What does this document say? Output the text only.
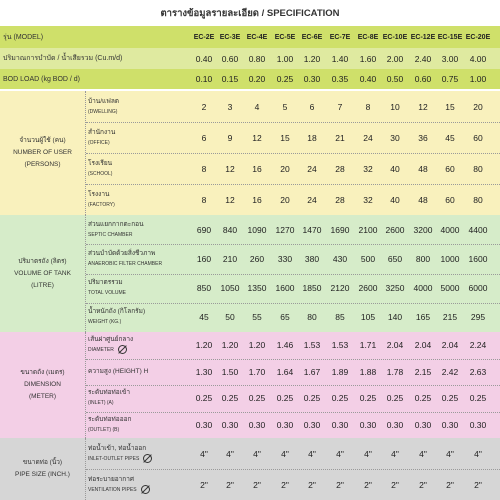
ตารางข้อมูลรายละเอียด / SPECIFICATION
รุ่น (MODEL)	EC-2E EC-3E EC-4E	EC-5E EC-6E	EC-7E	EC-8E EC-10E EC-12E EC-15E EC-20E
ปริมาณการบำบัด / น้ำเสียรวม (Cu.m/d)	0.40	0.60	0.80	1.00	1.20	1.40	1.60	2.00	2.40	3.00	4.00
BOD LOAD (kg BOD / d)	0.10	0.15	0.20	0.25	0.30	0.35	0.40	0.50	0.60	0.75	1.00
จำนวนผู้ใช้ (คน)
NUMBER OF USER
(PERSONS)
บ้าน/แฟลต
(DWELLING)	2	3	4	5	6	7	8	10	12	15	20
สำนักงาน
(OFFICE)	6	9	12	15	18	21	24	30	36	45	60
โรงเรียน
(SCHOOL)	8	12	16	20	24	28	32	40	48	60	80
โรงงาน
(FACTORY)	8	12	16	20	24	28	32	40	48	60	80
ปริมาตรถัง (ลิตร)
VOLUME OF TANK
(LITRE)
ส่วนแยกกากตะกอน
SEPTIC CHAMBER	690	840	1090	1270 1470	1690	2100 2600	3200 4000	4400
ส่วนบำบัดด้วยสิ่งชีวภาพ
ANAEROBIC FILTER CHAMBER	160	210	260	330	380	430	500	650	800	1000	1600
ปริมาตรรวม
TOTAL VOLUME	850	1050 1350	1600 1850	2120	2600 3250	4000 5000	6000
น้ำหนักถัง (กิโลกรัม)
WEIGHT (KG.)	45	50	55	65	80	85	105	140	165	215	295
ขนาดถัง (เมตร)
DIMENSION
(METER)
เส้นผ่าศูนย์กลาง
DIAMETER	1.20	1.20	1.20	1.46	1.53	1.53	1.71	2.04	2.04	2.04	2.24
ความสูง (HEIGHT) H	1.30	1.50	1.70	1.64	1.67	1.89	1.88	1.78	2.15	2.42	2.63
ระดับท่อท่อเข้า
(INLET) (A)	0.25	0.25	0.25	0.25	0.25	0.25	0.25	0.25	0.25	0.25	0.25
ระดับท่อท่อออก
(OUTLET) (B)	0.30	0.30	0.30	0.30	0.30	0.30	0.30	0.30	0.30	0.30	0.30
ขนาดท่อ (นิ้ว)
PIPE SIZE (INCH.)
ท่อน้ำเข้า, ท่อน้ำออก
INLET-OUTLET PIPES	4"	4"	4"	4"	4"	4"	4"	4"	4"	4"	4"
ท่อระบายอากาศ
VENTILATION PIPES	2"	2"	2"	2"	2"	2"	2"	2"	2"	2"	2"
